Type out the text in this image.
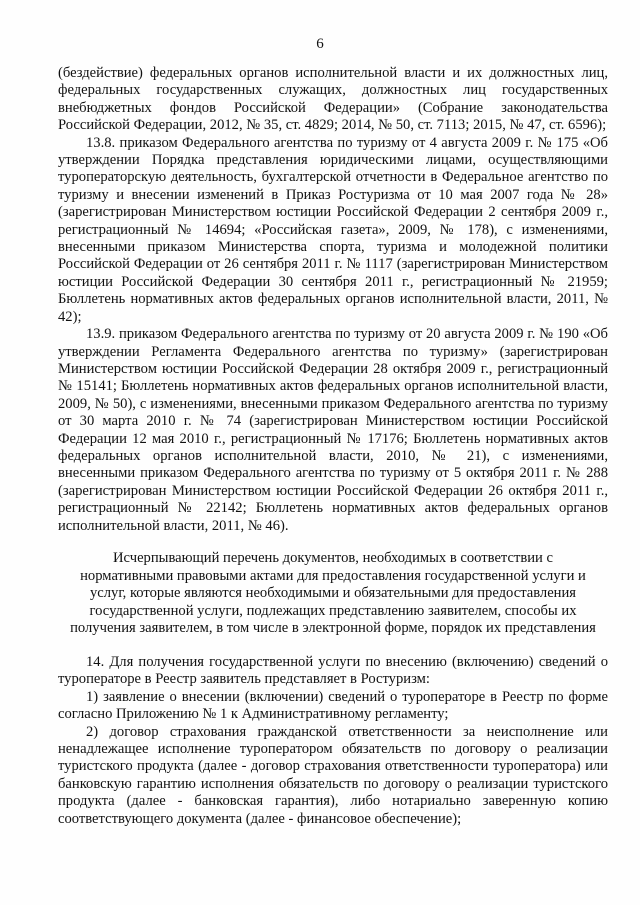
6

(бездействие) федеральных органов исполнительной власти и их должностных лиц, федеральных государственных служащих, должностных лиц государственных внебюджетных фондов Российской Федерации» (Собрание законодательства Российской Федерации, 2012, № 35, ст. 4829; 2014, № 50, ст. 7113; 2015, № 47, ст. 6596);

13.8. приказом Федерального агентства по туризму от 4 августа 2009 г. № 175 «Об утверждении Порядка представления юридическими лицами, осуществляющими туроператорскую деятельность, бухгалтерской отчетности в Федеральное агентство по туризму и внесении изменений в Приказ Ростуризма от 10 мая 2007 года № 28» (зарегистрирован Министерством юстиции Российской Федерации 2 сентября 2009 г., регистрационный № 14694; «Российская газета», 2009, № 178), с изменениями, внесенными приказом Министерства спорта, туризма и молодежной политики Российской Федерации от 26 сентября 2011 г. № 1117 (зарегистрирован Министерством юстиции Российской Федерации 30 сентября 2011 г., регистрационный № 21959; Бюллетень нормативных актов федеральных органов исполнительной власти, 2011, № 42);

13.9. приказом Федерального агентства по туризму от 20 августа 2009 г. № 190 «Об утверждении Регламента Федерального агентства по туризму» (зарегистрирован Министерством юстиции Российской Федерации 28 октября 2009 г., регистрационный № 15141; Бюллетень нормативных актов федеральных органов исполнительной власти, 2009, № 50), с изменениями, внесенными приказом Федерального агентства по туризму от 30 марта 2010 г. № 74 (зарегистрирован Министерством юстиции Российской Федерации 12 мая 2010 г., регистрационный № 17176; Бюллетень нормативных актов федеральных органов исполнительной власти, 2010, № 21), с изменениями, внесенными приказом Федерального агентства по туризму от 5 октября 2011 г. № 288 (зарегистрирован Министерством юстиции Российской Федерации 26 октября 2011 г., регистрационный № 22142; Бюллетень нормативных актов федеральных органов исполнительной власти, 2011, № 46).

Исчерпывающий перечень документов, необходимых в соответствии с нормативными правовыми актами для предоставления государственной услуги и услуг, которые являются необходимыми и обязательными для предоставления государственной услуги, подлежащих представлению заявителем, способы их получения заявителем, в том числе в электронной форме, порядок их представления

14. Для получения государственной услуги по внесению (включению) сведений о туроператоре в Реестр заявитель представляет в Ростуризм:

1) заявление о внесении (включении) сведений о туроператоре в Реестр по форме согласно Приложению № 1 к Административному регламенту;

2) договор страхования гражданской ответственности за неисполнение или ненадлежащее исполнение туроператором обязательств по договору о реализации туристского продукта (далее - договор страхования ответственности туроператора) или банковскую гарантию исполнения обязательств по договору о реализации туристского продукта (далее - банковская гарантия), либо нотариально заверенную копию соответствующего документа (далее - финансовое обеспечение);
